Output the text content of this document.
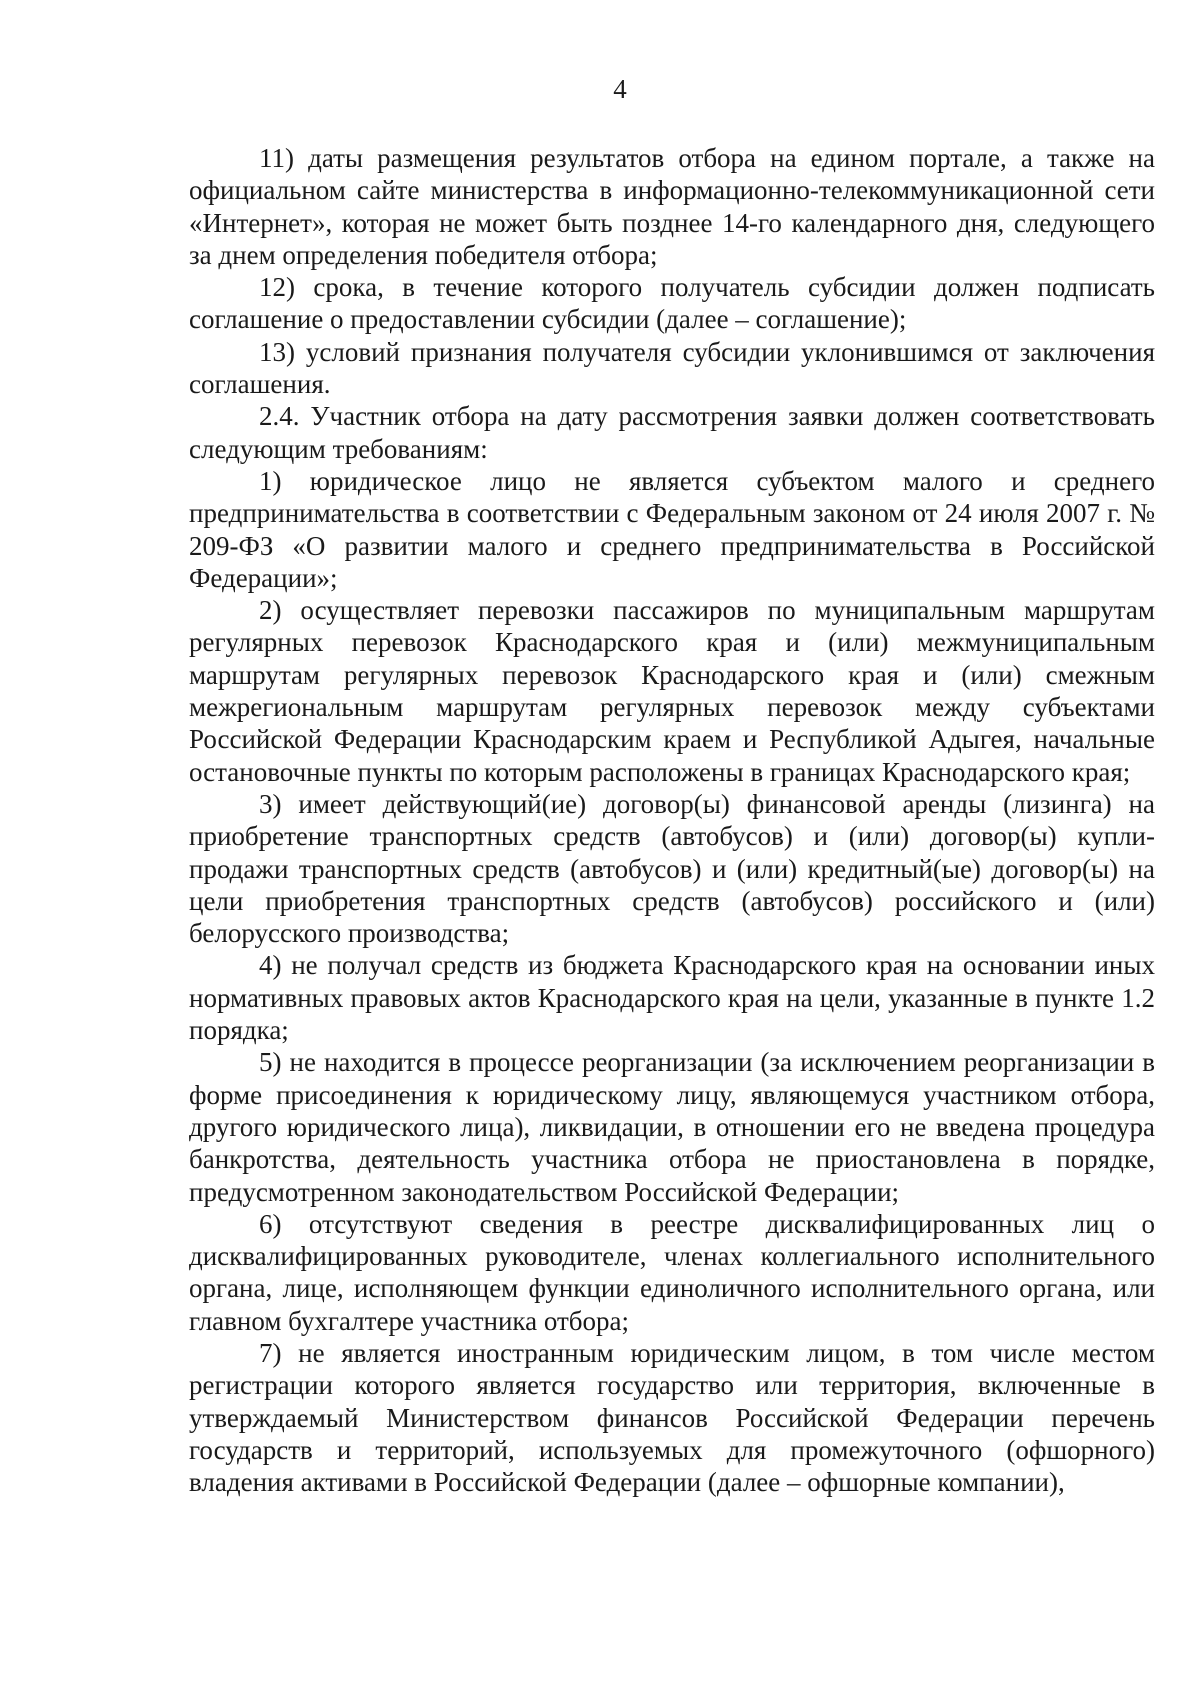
4

11) даты размещения результатов отбора на едином портале, а также на официальном сайте министерства в информационно-телекоммуникационной сети «Интернет», которая не может быть позднее 14-го календарного дня, следующего за днем определения победителя отбора;

12) срока, в течение которого получатель субсидии должен подписать соглашение о предоставлении субсидии (далее – соглашение);

13) условий признания получателя субсидии уклонившимся от заключения соглашения.

2.4. Участник отбора на дату рассмотрения заявки должен соответствовать следующим требованиям:

1) юридическое лицо не является субъектом малого и среднего предпринимательства в соответствии с Федеральным законом от 24 июля 2007 г. № 209-ФЗ «О развитии малого и среднего предпринимательства в Российской Федерации»;

2) осуществляет перевозки пассажиров по муниципальным маршрутам регулярных перевозок Краснодарского края и (или) межмуниципальным маршрутам регулярных перевозок Краснодарского края и (или) смежным межрегиональным маршрутам регулярных перевозок между субъектами Российской Федерации Краснодарским краем и Республикой Адыгея, начальные остановочные пункты по которым расположены в границах Краснодарского края;

3) имеет действующий(ие) договор(ы) финансовой аренды (лизинга) на приобретение транспортных средств (автобусов) и (или) договор(ы) купли-продажи транспортных средств (автобусов) и (или) кредитный(ые) договор(ы) на цели приобретения транспортных средств (автобусов) российского и (или) белорусского производства;

4) не получал средств из бюджета Краснодарского края на основании иных нормативных правовых актов Краснодарского края на цели, указанные в пункте 1.2 порядка;

5) не находится в процессе реорганизации (за исключением реорганизации в форме присоединения к юридическому лицу, являющемуся участником отбора, другого юридического лица), ликвидации, в отношении его не введена процедура банкротства, деятельность участника отбора не приостановлена в порядке, предусмотренном законодательством Российской Федерации;

6) отсутствуют сведения в реестре дисквалифицированных лиц о дисквалифицированных руководителе, членах коллегиального исполнительного органа, лице, исполняющем функции единоличного исполнительного органа, или главном бухгалтере участника отбора;

7) не является иностранным юридическим лицом, в том числе местом регистрации которого является государство или территория, включенные в утверждаемый Министерством финансов Российской Федерации перечень государств и территорий, используемых для промежуточного (офшорного) владения активами в Российской Федерации (далее – офшорные компании),
